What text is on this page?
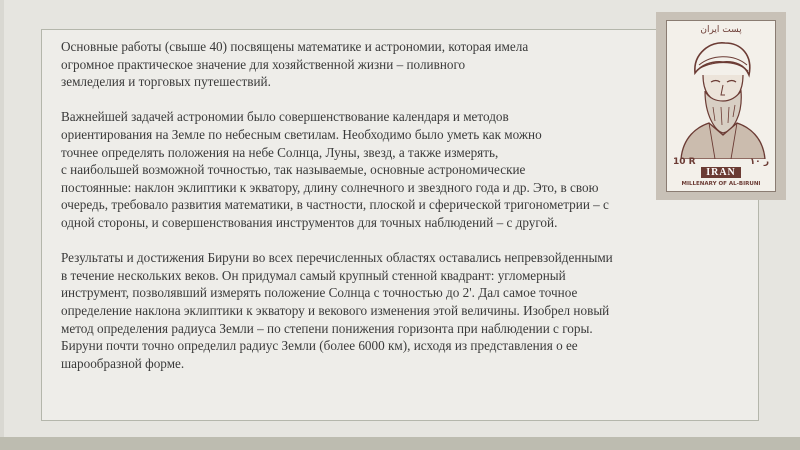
Основные работы (свыше 40) посвящены математике и астрономии, которая имела
огромное практическое значение для хозяйственной жизни – поливного
земледелия и торговых путешествий.

Важнейшей задачей астрономии было совершенствование календаря и методов
ориентирования на Земле по небесным светилам. Необходимо было уметь как можно
точнее определять положения на небе Солнца, Луны, звезд, а также измерять,
с наибольшей возможной точностью, так называемые, основные астрономические
постоянные: наклон эклиптики к экватору, длину солнечного и звездного года и др. Это, в свою
очередь, требовало развития математики, в частности, плоской и сферической тригонометрии – с
одной стороны, и совершенствования инструментов для точных наблюдений – с другой.

Результаты и достижения Бируни во всех перечисленных областях оставались непревзойденными
в течение нескольких веков. Он придумал самый крупный стенной квадрант: угломерный
инструмент, позволявший измерять положение Солнца с точностью до 2'. Дал самое точное
определение наклона эклиптики к экватору и векового изменения этой величины. Изобрел новый
метод определения радиуса Земли – по степени понижения горизонта при наблюдении с горы.
Бируни почти точно определил радиус Земли (более 6000 км), исходя из представления о ее
шарообразной форме.

پست ایران
10 R	۱۰ ر
IRAN
MILLENARY OF AL-BIRUNI
